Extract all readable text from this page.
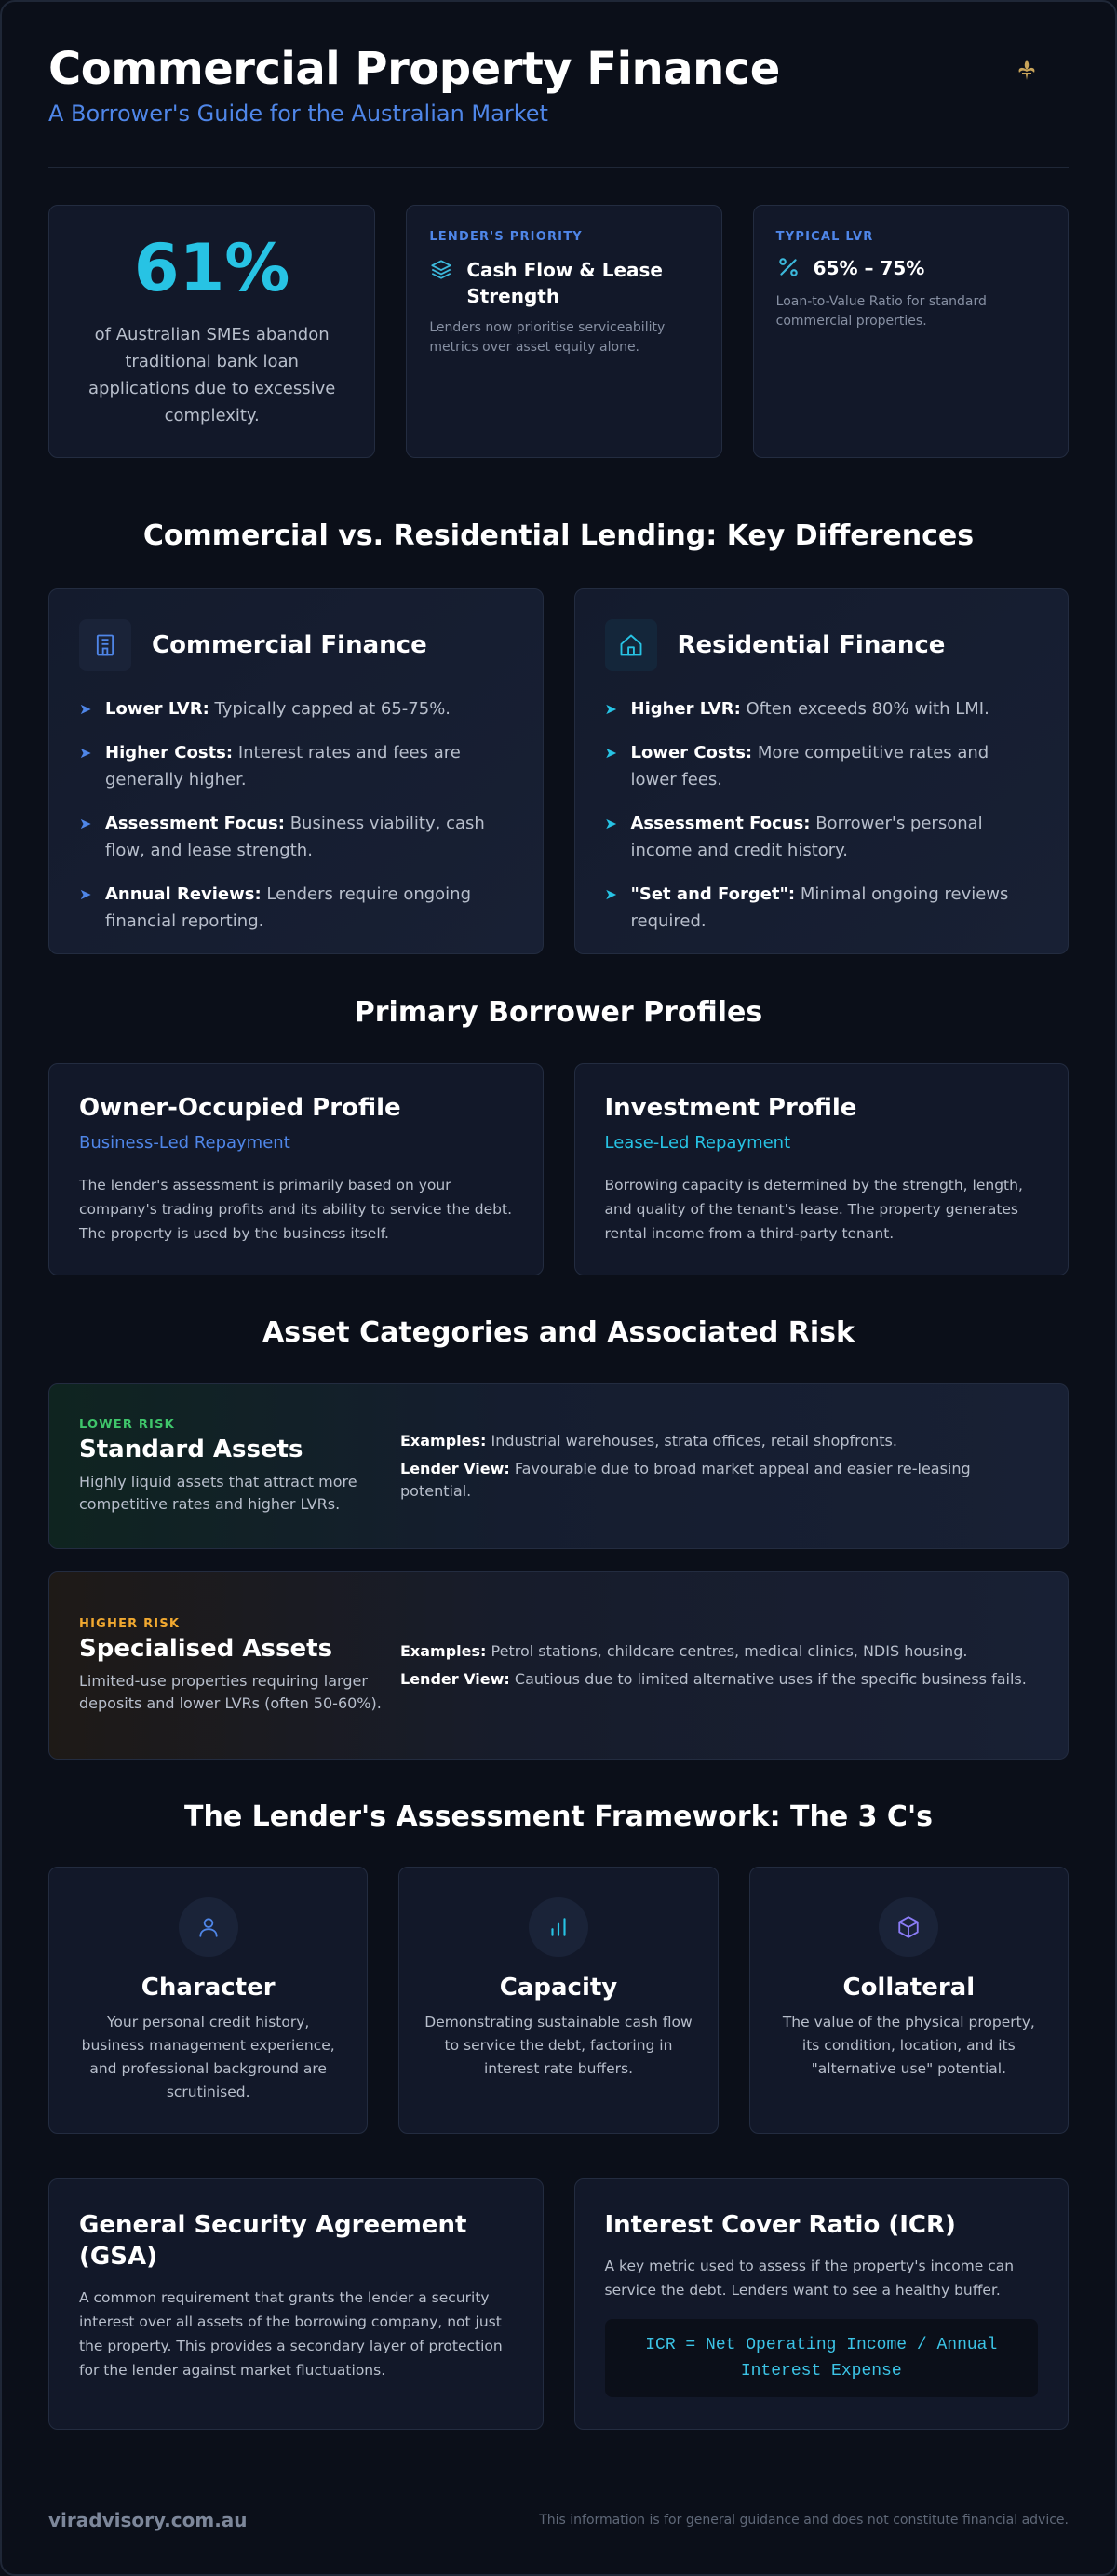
Commercial Property Finance
A Borrower's Guide for the Australian Market
61%
of Australian SMEs abandon traditional bank loan applications due to excessive complexity.
LENDER'S PRIORITY
Cash Flow & Lease Strength
Lenders now prioritise serviceability metrics over asset equity alone.
TYPICAL LVR
65% – 75%
Loan-to-Value Ratio for standard commercial properties.
Commercial vs. Residential Lending: Key Differences
Commercial Finance
➤ Lower LVR: Typically capped at 65-75%.
➤ Higher Costs: Interest rates and fees are generally higher.
➤ Assessment Focus: Business viability, cash flow, and lease strength.
➤ Annual Reviews: Lenders require ongoing financial reporting.
Residential Finance
➤ Higher LVR: Often exceeds 80% with LMI.
➤ Lower Costs: More competitive rates and lower fees.
➤ Assessment Focus: Borrower's personal income and credit history.
➤ "Set and Forget": Minimal ongoing reviews required.
Primary Borrower Profiles
Owner-Occupied Profile
Business-Led Repayment
The lender's assessment is primarily based on your company's trading profits and its ability to service the debt. The property is used by the business itself.
Investment Profile
Lease-Led Repayment
Borrowing capacity is determined by the strength, length, and quality of the tenant's lease. The property generates rental income from a third-party tenant.
Asset Categories and Associated Risk
LOWER RISK
Standard Assets
Highly liquid assets that attract more competitive rates and higher LVRs.

Examples: Industrial warehouses, strata offices, retail shopfronts.

Lender View: Favourable due to broad market appeal and easier re-leasing potential.

HIGHER RISK
Specialised Assets
Limited-use properties requiring larger deposits and lower LVRs (often 50-60%).

Examples: Petrol stations, childcare centres, medical clinics, NDIS housing.

Lender View: Cautious due to limited alternative uses if the specific business fails.

The Lender's Assessment Framework: The 3 C's
Character
Your personal credit history, business management experience, and professional background are scrutinised.
Capacity
Demonstrating sustainable cash flow to service the debt, factoring in interest rate buffers.
Collateral
The value of the physical property, its condition, location, and its "alternative use" potential.
General Security Agreement (GSA)
A common requirement that grants the lender a security interest over all assets of the borrowing company, not just the property. This provides a secondary layer of protection for the lender against market fluctuations.
Interest Cover Ratio (ICR)
A key metric used to assess if the property's income can service the debt. Lenders want to see a healthy buffer.
ICR = Net Operating Income / Annual Interest Expense
viradvisory.com.au	This information is for general guidance and does not constitute financial advice.
